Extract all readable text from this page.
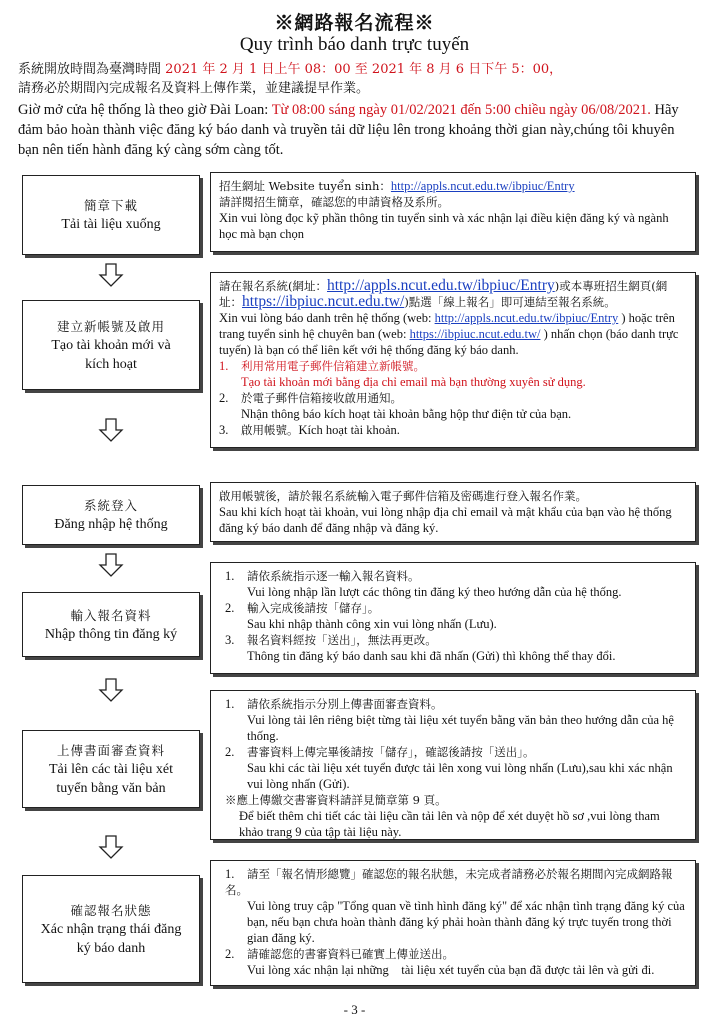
※網路報名流程※
Quy trình báo danh trực tuyến
系統開放時間為臺灣時間 2021 年 2 月 1 日上午 08：00 至 2021 年 8 月 6 日下午 5：00，
請務必於期間內完成報名及資料上傳作業，並建議提早作業。
Giờ mở cửa hệ thống là theo giờ Đài Loan: Từ 08:00 sáng ngày 01/02/2021 đến 5:00 chiều ngày 06/08/2021. Hãy đảm bảo hoàn thành việc đăng ký báo danh và truyền tải dữ liệu lên trong khoảng thời gian này,chúng tôi khuyên bạn nên tiến hành đăng ký càng sớm càng tốt.
簡章下載
Tải tài liệu xuống
招生網址 Website tuyển sinh：http://appls.ncut.edu.tw/ibpiuc/Entry
請詳閱招生簡章，確認您的申請資格及系所。
Xin vui lòng đọc kỹ phần thông tin tuyển sinh và xác nhận lại điều kiện đăng ký và ngành học mà bạn chọn
建立新帳號及啟用
Tạo tài khoản mới và kích hoạt
請在報名系統(網址：http://appls.ncut.edu.tw/ibpiuc/Entry)或本專班招生網頁(網址：https://ibpiuc.ncut.edu.tw/)點選「線上報名」即可連結至報名系統。
Xin vui lòng báo danh trên hệ thống (web: http://appls.ncut.edu.tw/ibpiuc/Entry ) hoặc trên trang tuyển sinh hệ chuyên ban (web: https://ibpiuc.ncut.edu.tw/ ) nhấn chọn (báo danh trực tuyến) là bạn có thể liên kết với hệ thống đăng ký báo danh.
1. 利用常用電子郵件信箱建立新帳號。
Tạo tài khoản mới bằng địa chỉ email mà bạn thường xuyên sử dụng.
2. 於電子郵件信箱接收啟用通知。
Nhận thông báo kích hoạt tài khoản bằng hộp thư điện tử của bạn.
3. 啟用帳號。Kích hoạt tài khoản.
系統登入
Đăng nhập hệ thống
啟用帳號後，請於報名系統輸入電子郵件信箱及密碼進行登入報名作業。
Sau khi kích hoạt tài khoản, vui lòng nhập địa chỉ email và mật khẩu của bạn vào hệ thống đăng ký báo danh để đăng nhập và đăng ký.
輸入報名資料
Nhập thông tin đăng ký
1. 請依系統指示逐一輸入報名資料。
Vui lòng nhập lần lượt các thông tin đăng ký theo hướng dẫn của hệ thống.
2. 輸入完成後請按「儲存」。
Sau khi nhập thành công xin vui lòng nhấn (Lưu).
3. 報名資料經按「送出」，無法再更改。
Thông tin đăng ký báo danh sau khi đã nhấn (Gửi) thì không thể thay đổi.
上傳書面審查資料
Tải lên các tài liệu xét tuyển bằng văn bản
1. 請依系統指示分別上傳書面審查資料。
Vui lòng tải lên riêng biệt từng tài liệu xét tuyển bằng văn bản theo hướng dẫn của hệ thống.
2. 書審資料上傳完畢後請按「儲存」，確認後請按「送出」。
Sau khi các tài liệu xét tuyển được tải lên xong vui lòng nhấn (Lưu),sau khi xác nhận vui lòng nhấn (Gửi).
※應上傳繳交書審資料請詳見簡章第 9 頁。
Để biết thêm chi tiết các tài liệu cần tải lên và nộp để xét duyệt hồ sơ ,vui lòng tham khảo trang 9 của tập tài liệu này.
確認報名狀態
Xác nhận trạng thái đăng ký báo danh
1. 請至「報名情形總覽」確認您的報名狀態，未完成者請務必於報名期間內完成網路報名。
Vui lòng truy cập "Tổng quan về tình hình đăng ký" để xác nhận tình trạng đăng ký của bạn, nếu bạn chưa hoàn thành đăng ký phải hoàn thành đăng ký trực tuyến trong thời gian đăng ký.
2. 請確認您的書審資料已確實上傳並送出。
Vui lòng xác nhận lại những    tài liệu xét tuyển của bạn đã được tải lên và gửi đi.
- 3 -
